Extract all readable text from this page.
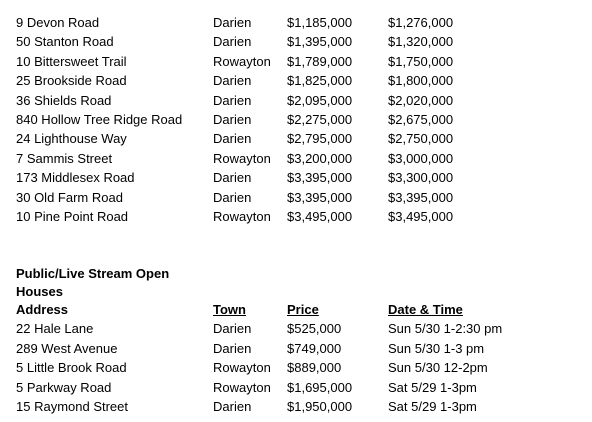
9 Devon Road	Darien	$1,185,000	$1,276,000
50 Stanton Road	Darien	$1,395,000	$1,320,000
10 Bittersweet Trail	Rowayton	$1,789,000	$1,750,000
25 Brookside Road	Darien	$1,825,000	$1,800,000
36 Shields Road	Darien	$2,095,000	$2,020,000
840 Hollow Tree Ridge Road	Darien	$2,275,000	$2,675,000
24 Lighthouse Way	Darien	$2,795,000	$2,750,000
7 Sammis Street	Rowayton	$3,200,000	$3,000,000
173 Middlesex Road	Darien	$3,395,000	$3,300,000
30 Old Farm Road	Darien	$3,395,000	$3,395,000
10 Pine Point Road	Rowayton	$3,495,000	$3,495,000
Public/Live Stream Open Houses
Address	Town	Price	Date & Time
22 Hale Lane	Darien	$525,000	Sun 5/30 1-2:30 pm
289 West Avenue	Darien	$749,000	Sun 5/30 1-3 pm
5 Little Brook Road	Rowayton	$889,000	Sun 5/30 12-2pm
5 Parkway Road	Rowayton	$1,695,000	Sat 5/29 1-3pm
15 Raymond Street	Darien	$1,950,000	Sat 5/29 1-3pm
